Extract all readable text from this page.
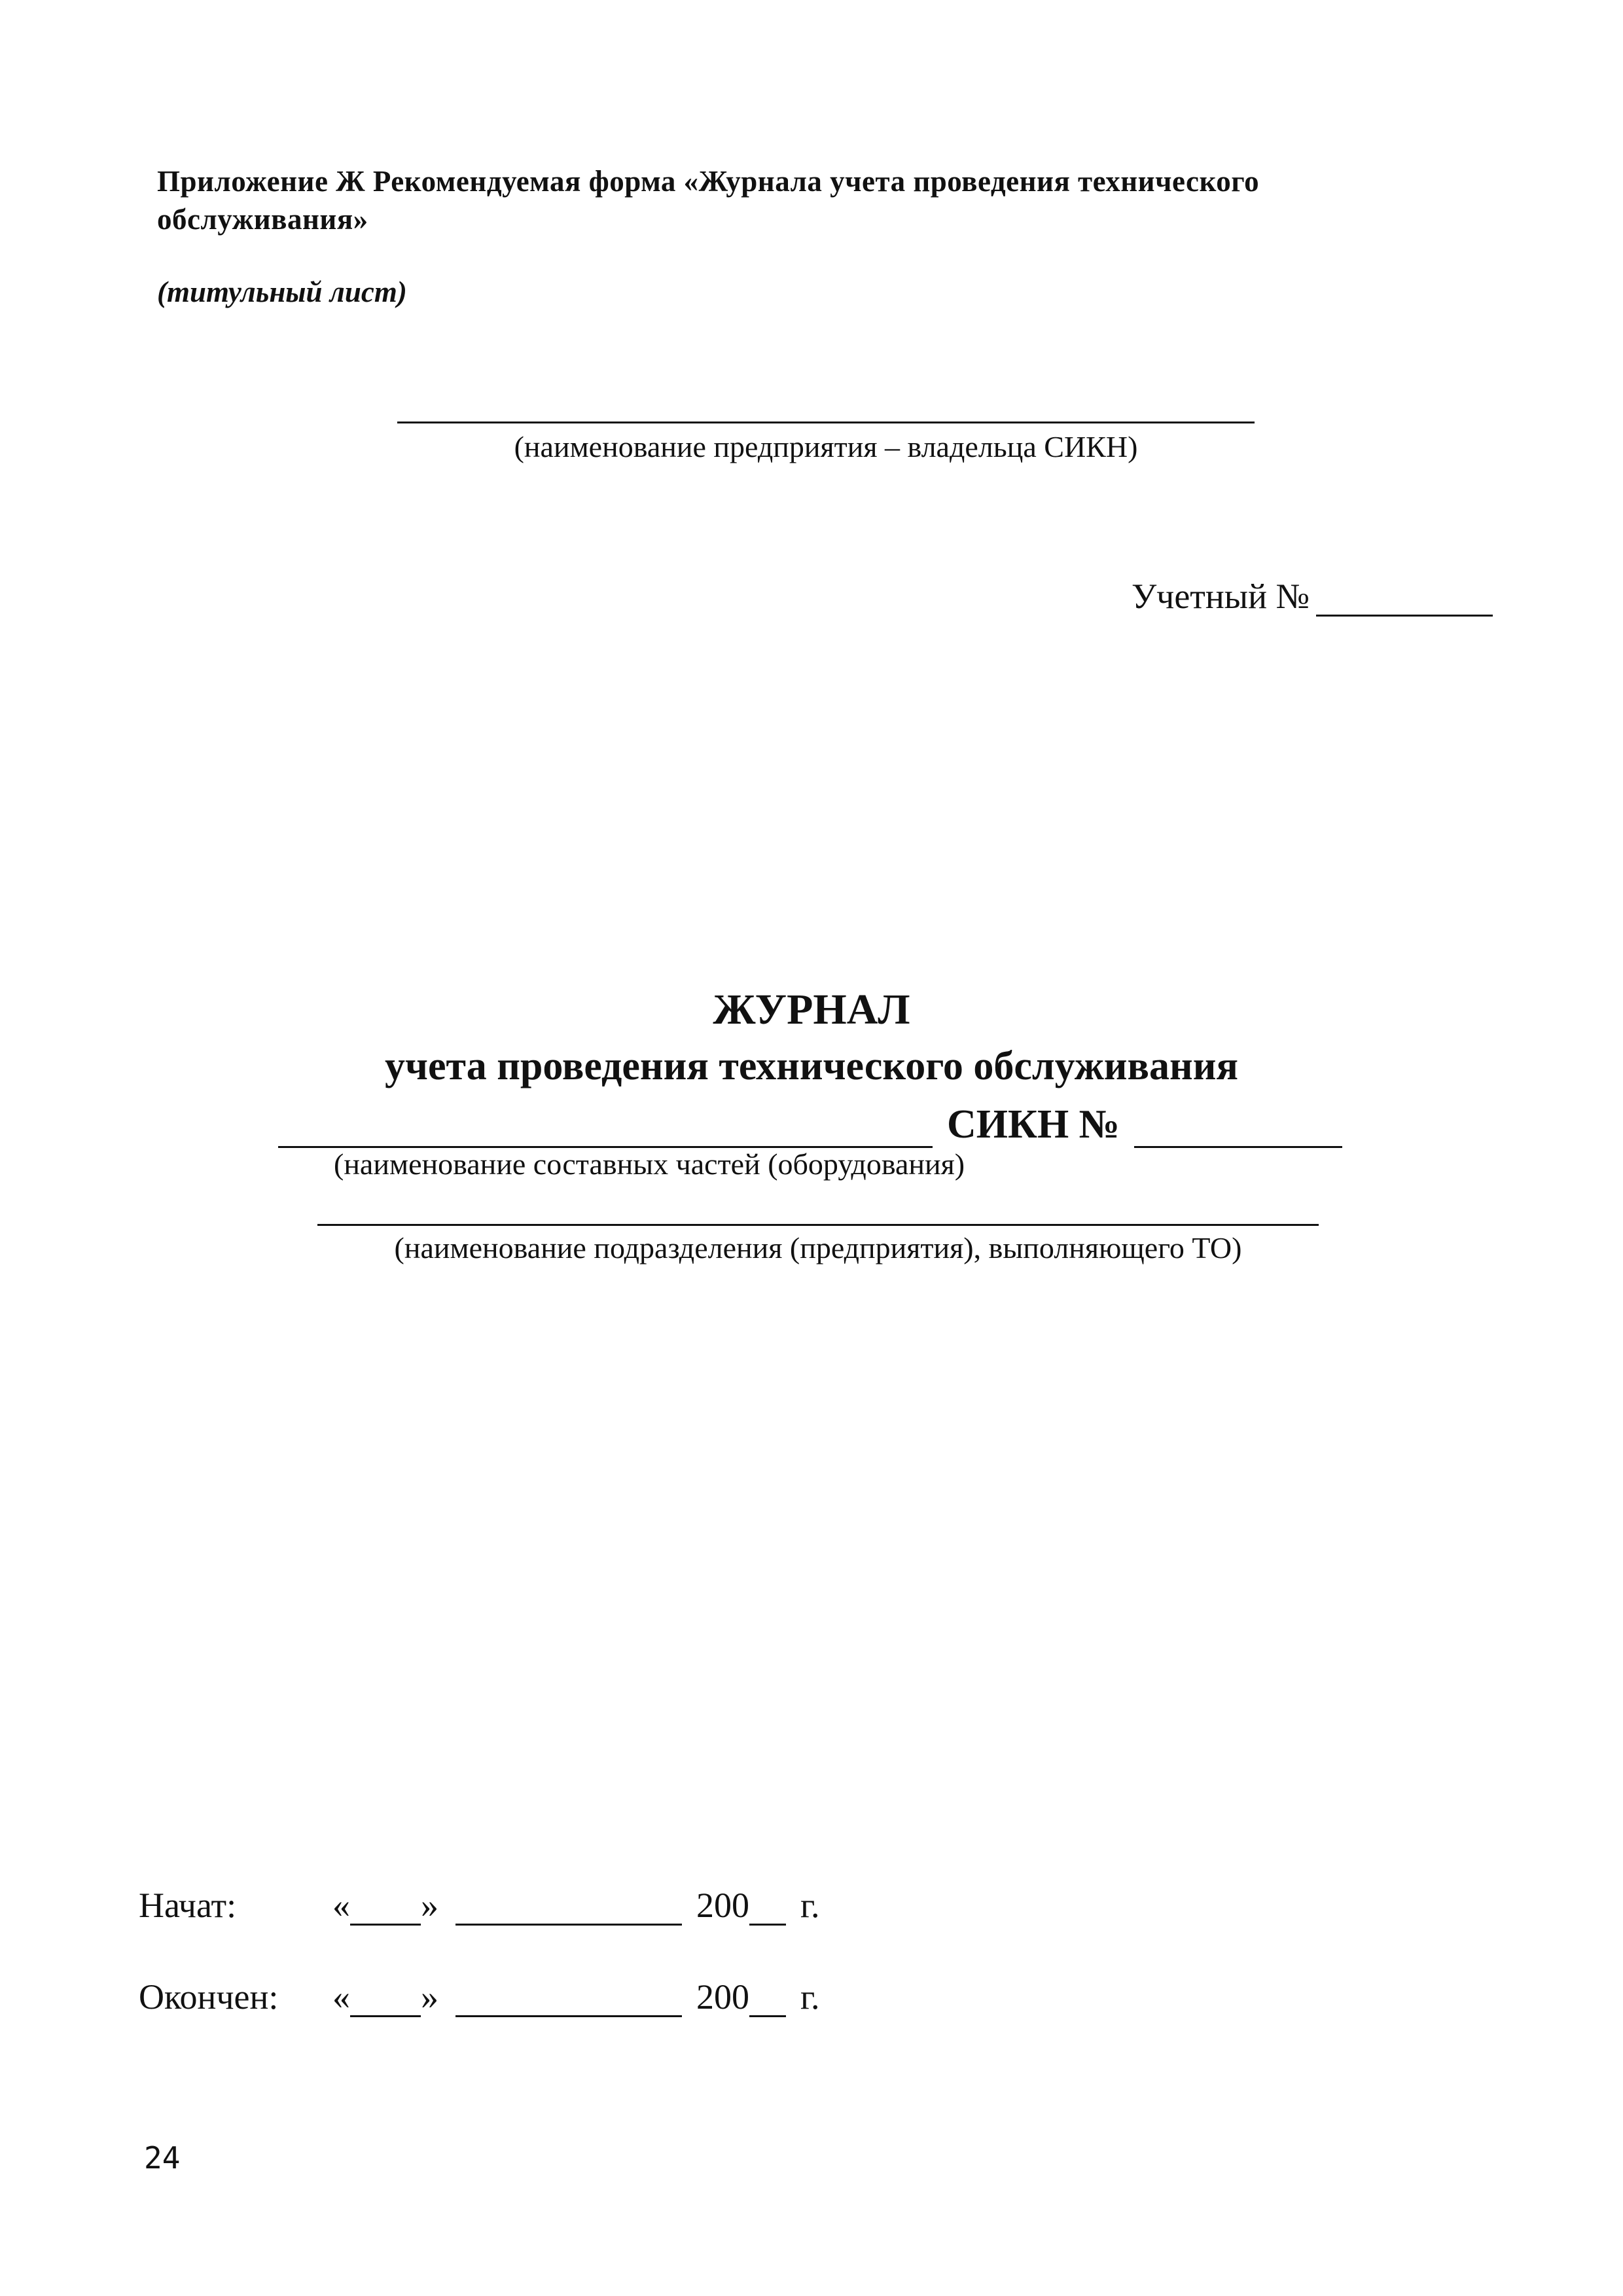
Приложение Ж Рекомендуемая форма «Журнала учета проведения технического обслуживания»
(титульный лист)
(наименование предприятия – владельца СИКН)
Учетный №
ЖУРНАЛ
учета проведения технического обслуживания
СИКН №
(наименование составных частей (оборудования)
(наименование подразделения (предприятия), выполняющего ТО)
Начат:	« »	200 г.
Окончен:	« »	200 г.
24
